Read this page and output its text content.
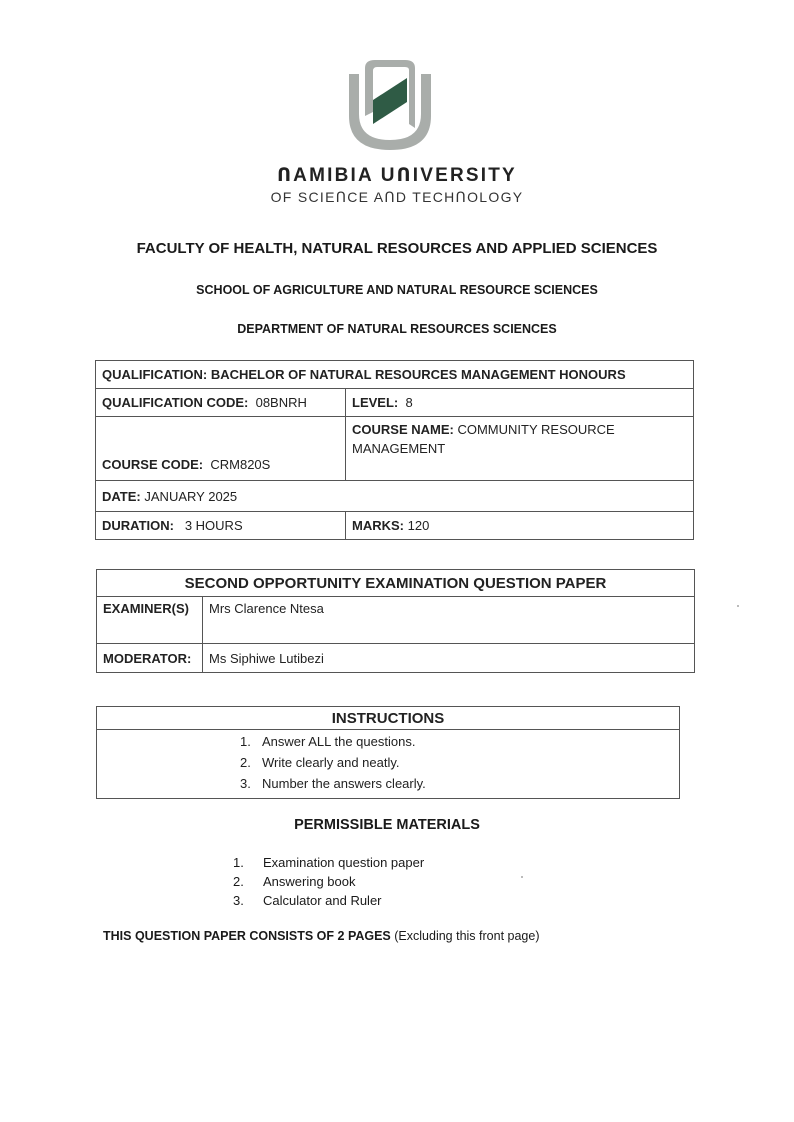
ՈAMIBIA UՈIVERSITY
OF SCIEՈCE AՈD TECHՈOLOGY
FACULTY OF HEALTH, NATURAL RESOURCES AND APPLIED SCIENCES
SCHOOL OF AGRICULTURE AND NATURAL RESOURCE SCIENCES
DEPARTMENT OF NATURAL RESOURCES SCIENCES
QUALIFICATION: BACHELOR OF NATURAL RESOURCES MANAGEMENT HONOURS	
QUALIFICATION CODE: 08BNRH	LEVEL: 8
COURSE CODE: CRM820S	COURSE NAME: COMMUNITY RESOURCE MANAGEMENT
DATE: JANUARY 2025	
DURATION: 3 HOURS	MARKS: 120
SECOND OPPORTUNITY EXAMINATION QUESTION PAPER	
EXAMINER(S)	Mrs Clarence Ntesa
MODERATOR:	Ms Siphiwe Lutibezi
INSTRUCTIONS

1. Answer ALL the questions.
2. Write clearly and neatly.
3. Number the answers clearly.
PERMISSIBLE MATERIALS
1. Examination question paper
2. Answering book
3. Calculator and Ruler
THIS QUESTION PAPER CONSISTS OF 2 PAGES (Excluding this front page)
